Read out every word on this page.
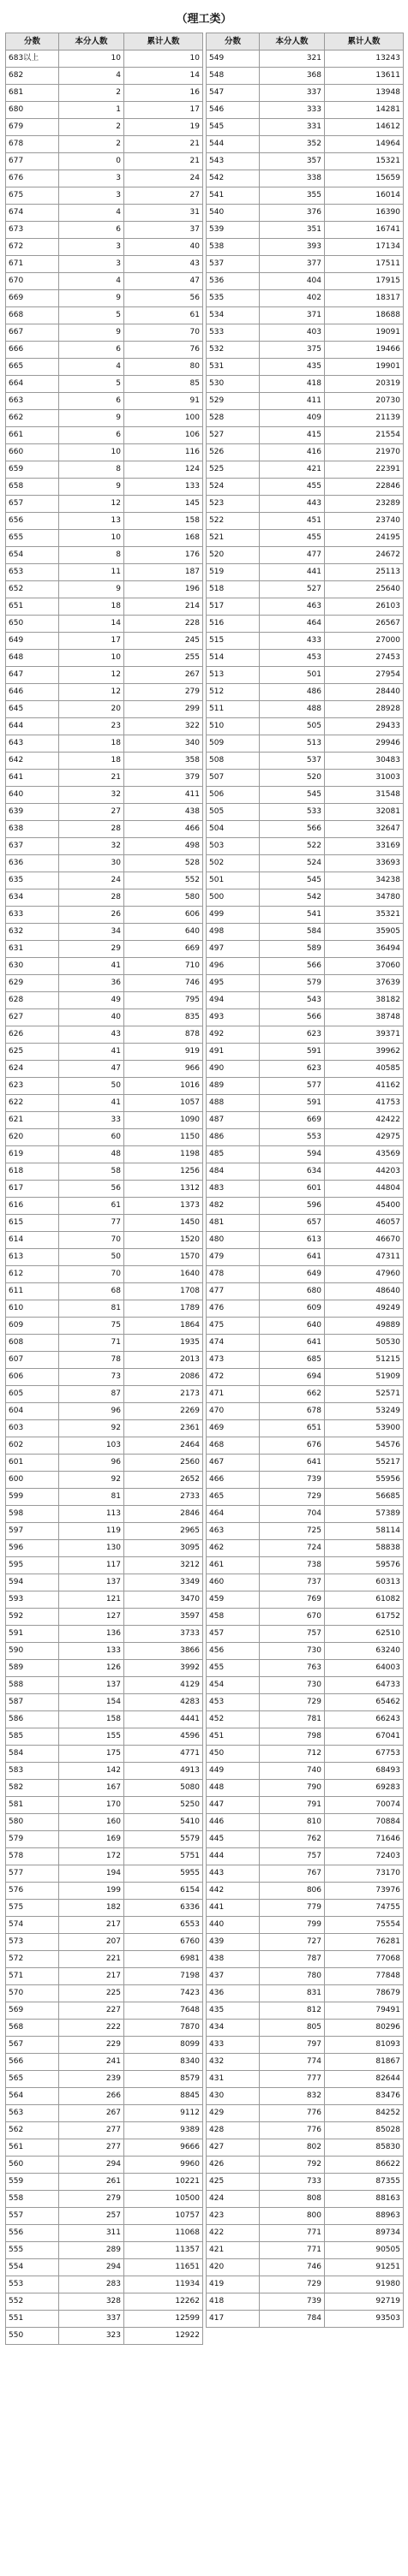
（理工类）
分数	本分人数	累计人数
683以上	10	10
682	4	14
681	2	16
680	1	17
679	2	19
678	2	21
677	0	21
676	3	24
675	3	27
674	4	31
673	6	37
672	3	40
671	3	43
670	4	47
669	9	56
668	5	61
667	9	70
666	6	76
665	4	80
664	5	85
663	6	91
662	9	100
661	6	106
660	10	116
659	8	124
658	9	133
657	12	145
656	13	158
655	10	168
654	8	176
653	11	187
652	9	196
651	18	214
650	14	228
649	17	245
648	10	255
647	12	267
646	12	279
645	20	299
644	23	322
643	18	340
642	18	358
641	21	379
640	32	411
639	27	438
638	28	466
637	32	498
636	30	528
635	24	552
634	28	580
633	26	606
632	34	640
631	29	669
630	41	710
629	36	746
628	49	795
627	40	835
626	43	878
625	41	919
624	47	966
623	50	1016
622	41	1057
621	33	1090
620	60	1150
619	48	1198
618	58	1256
617	56	1312
616	61	1373
615	77	1450
614	70	1520
613	50	1570
612	70	1640
611	68	1708
610	81	1789
609	75	1864
608	71	1935
607	78	2013
606	73	2086
605	87	2173
604	96	2269
603	92	2361
602	103	2464
601	96	2560
600	92	2652
599	81	2733
598	113	2846
597	119	2965
596	130	3095
595	117	3212
594	137	3349
593	121	3470
592	127	3597
591	136	3733
590	133	3866
589	126	3992
588	137	4129
587	154	4283
586	158	4441
585	155	4596
584	175	4771
583	142	4913
582	167	5080
581	170	5250
580	160	5410
579	169	5579
578	172	5751
577	194	5955
576	199	6154
575	182	6336
574	217	6553
573	207	6760
572	221	6981
571	217	7198
570	225	7423
569	227	7648
568	222	7870
567	229	8099
566	241	8340
565	239	8579
564	266	8845
563	267	9112
562	277	9389
561	277	9666
560	294	9960
559	261	10221
558	279	10500
557	257	10757
556	311	11068
555	289	11357
554	294	11651
553	283	11934
552	328	12262
551	337	12599
550	323	12922
分数	本分人数	累计人数
549	321	13243
548	368	13611
547	337	13948
546	333	14281
545	331	14612
544	352	14964
543	357	15321
542	338	15659
541	355	16014
540	376	16390
539	351	16741
538	393	17134
537	377	17511
536	404	17915
535	402	18317
534	371	18688
533	403	19091
532	375	19466
531	435	19901
530	418	20319
529	411	20730
528	409	21139
527	415	21554
526	416	21970
525	421	22391
524	455	22846
523	443	23289
522	451	23740
521	455	24195
520	477	24672
519	441	25113
518	527	25640
517	463	26103
516	464	26567
515	433	27000
514	453	27453
513	501	27954
512	486	28440
511	488	28928
510	505	29433
509	513	29946
508	537	30483
507	520	31003
506	545	31548
505	533	32081
504	566	32647
503	522	33169
502	524	33693
501	545	34238
500	542	34780
499	541	35321
498	584	35905
497	589	36494
496	566	37060
495	579	37639
494	543	38182
493	566	38748
492	623	39371
491	591	39962
490	623	40585
489	577	41162
488	591	41753
487	669	42422
486	553	42975
485	594	43569
484	634	44203
483	601	44804
482	596	45400
481	657	46057
480	613	46670
479	641	47311
478	649	47960
477	680	48640
476	609	49249
475	640	49889
474	641	50530
473	685	51215
472	694	51909
471	662	52571
470	678	53249
469	651	53900
468	676	54576
467	641	55217
466	739	55956
465	729	56685
464	704	57389
463	725	58114
462	724	58838
461	738	59576
460	737	60313
459	769	61082
458	670	61752
457	757	62510
456	730	63240
455	763	64003
454	730	64733
453	729	65462
452	781	66243
451	798	67041
450	712	67753
449	740	68493
448	790	69283
447	791	70074
446	810	70884
445	762	71646
444	757	72403
443	767	73170
442	806	73976
441	779	74755
440	799	75554
439	727	76281
438	787	77068
437	780	77848
436	831	78679
435	812	79491
434	805	80296
433	797	81093
432	774	81867
431	777	82644
430	832	83476
429	776	84252
428	776	85028
427	802	85830
426	792	86622
425	733	87355
424	808	88163
423	800	88963
422	771	89734
421	771	90505
420	746	91251
419	729	91980
418	739	92719
417	784	93503
